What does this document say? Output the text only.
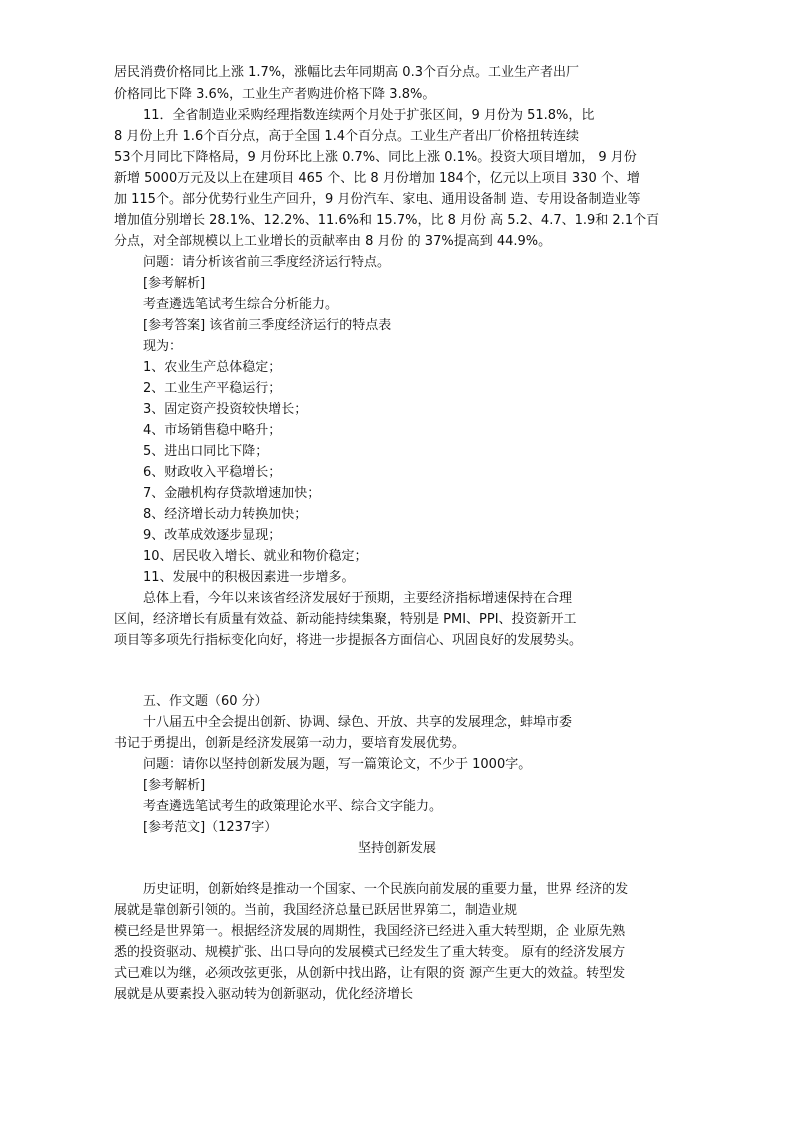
居民消费价格同比上涨 1.7%，涨幅比去年同期高 0.3个百分点。工业生产者出厂
价格同比下降 3.6%，工业生产者购进价格下降 3.8%。
11．全省制造业采购经理指数连续两个月处于扩张区间，9 月份为 51.8%，比
8 月份上升 1.6个百分点，高于全国 1.4个百分点。工业生产者出厂价格扭转连续
53个月同比下降格局，9 月份环比上涨 0.7%、同比上涨 0.1%。投资大项目增加， 9 月份
新增 5000万元及以上在建项目 465 个、比 8 月份增加 184个，亿元以上项目 330 个、增
加 115个。部分优势行业生产回升，9 月份汽车、家电、通用设备制 造、专用设备制造业等
增加值分别增长 28.1%、12.2%、11.6%和 15.7%，比 8 月份 高 5.2、4.7、1.9和 2.1个百
分点，对全部规模以上工业增长的贡献率由 8 月份 的 37%提高到 44.9%。
问题：请分析该省前三季度经济运行特点。
[参考解析]
考查遴选笔试考生综合分析能力。
[参考答案] 该省前三季度经济运行的特点表
现为：
1、农业生产总体稳定；
2、工业生产平稳运行；
3、固定资产投资较快增长；
4、市场销售稳中略升；
5、进出口同比下降；
6、财政收入平稳增长；
7、金融机构存贷款增速加快；
8、经济增长动力转换加快；
9、改革成效逐步显现；
10、居民收入增长、就业和物价稳定；
11、发展中的积极因素进一步增多。
总体上看，今年以来该省经济发展好于预期，主要经济指标增速保持在合理
区间，经济增长有质量有效益、新动能持续集聚，特别是 PMI、PPI、投资新开工
项目等多项先行指标变化向好，将进一步提振各方面信心、巩固良好的发展势头。
五、作文题（60 分）
十八届五中全会提出创新、协调、绿色、开放、共享的发展理念，蚌埠市委
书记于勇提出，创新是经济发展第一动力，要培育发展优势。
问题：请你以坚持创新发展为题，写一篇策论文，不少于 1000字。
[参考解析]
考查遴选笔试考生的政策理论水平、综合文字能力。
[参考范文]（1237字）
坚持创新发展
历史证明，创新始终是推动一个国家、一个民族向前发展的重要力量，世界 经济的发
展就是靠创新引领的。当前，我国经济总量已跃居世界第二，制造业规
模已经是世界第一。根据经济发展的周期性，我国经济已经进入重大转型期，企 业原先熟
悉的投资驱动、规模扩张、出口导向的发展模式已经发生了重大转变。 原有的经济发展方
式已难以为继，必须改弦更张，从创新中找出路，让有限的资 源产生更大的效益。转型发
展就是从要素投入驱动转为创新驱动，优化经济增长
